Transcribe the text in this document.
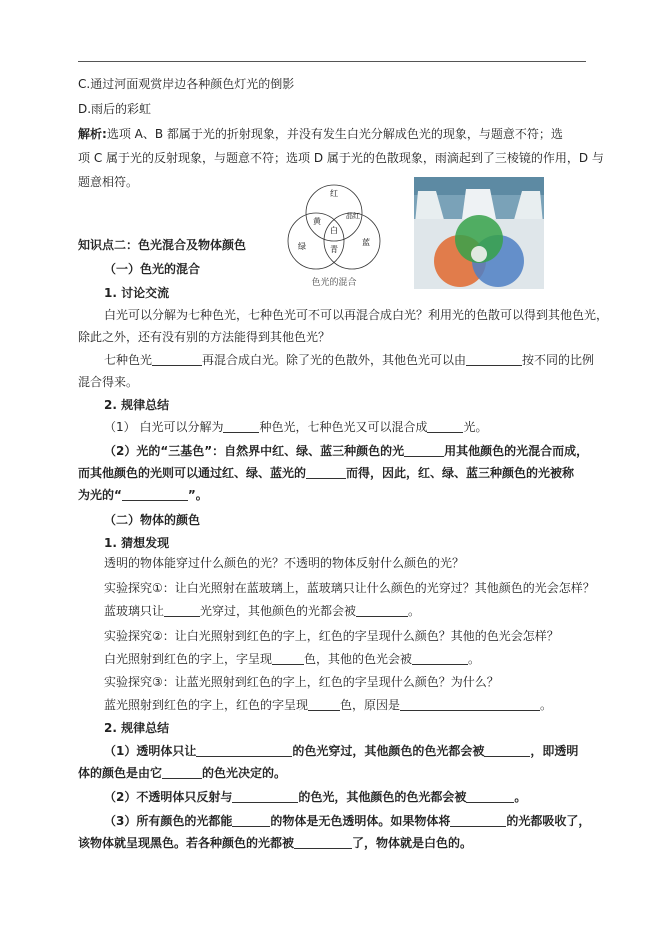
C.通过河面观赏岸边各种颜色灯光的倒影
D.雨后的彩虹
解析:选项 A、B 都属于光的折射现象，并没有发生白光分解成色光的现象，与题意不符；选
项 C 属于光的反射现象，与题意不符；选项 D 属于光的色散现象，雨滴起到了三棱镜的作用，D 与
题意相符。
红
黄
品红
白
绿	青
蓝
色光的混合
知识点二：色光混合及物体颜色
（一）色光的混合
1. 讨论交流
白光可以分解为七种色光，七种色光可不可以再混合成白光？利用光的色散可以得到其他色光，
除此之外，还有没有别的方法能得到其他色光？
七种色光	再混合成白光。除了光的色散外，其他色光可以由	按不同的比例
混合得来。
2. 规律总结
（1） 白光可以分解为	种色光，七种色光又可以混合成	光。
（2）光的“三基色”：自然界中红、绿、蓝三种颜色的光	用其他颜色的光混合而成，
而其他颜色的光则可以通过红、绿、蓝光的	而得，因此，红、绿、蓝三种颜色的光被称
为光的“	”。
（二）物体的颜色
1. 猜想发现
透明的物体能穿过什么颜色的光？不透明的物体反射什么颜色的光？
实验探究①：让白光照射在蓝玻璃上，蓝玻璃只让什么颜色的光穿过？其他颜色的光会怎样？
蓝玻璃只让	光穿过，其他颜色的光都会被	。
实验探究②：让白光照射到红色的字上，红色的字呈现什么颜色？其他的色光会怎样？
白光照射到红色的字上，字呈现	色，其他的色光会被	。
实验探究③：让蓝光照射到红色的字上，红色的字呈现什么颜色？为什么？
蓝光照射到红色的字上，红色的字呈现	色，原因是	。
2. 规律总结
（1）透明体只让	的色光穿过，其他颜色的色光都会被	，即透明
体的颜色是由它	的色光决定的。
（2）不透明体只反射与	的色光，其他颜色的色光都会被	。
（3）所有颜色的光都能	的物体是无色透明体。如果物体将	的光都吸收了，
该物体就呈现黑色。若各种颜色的光都被	了，物体就是白色的。
